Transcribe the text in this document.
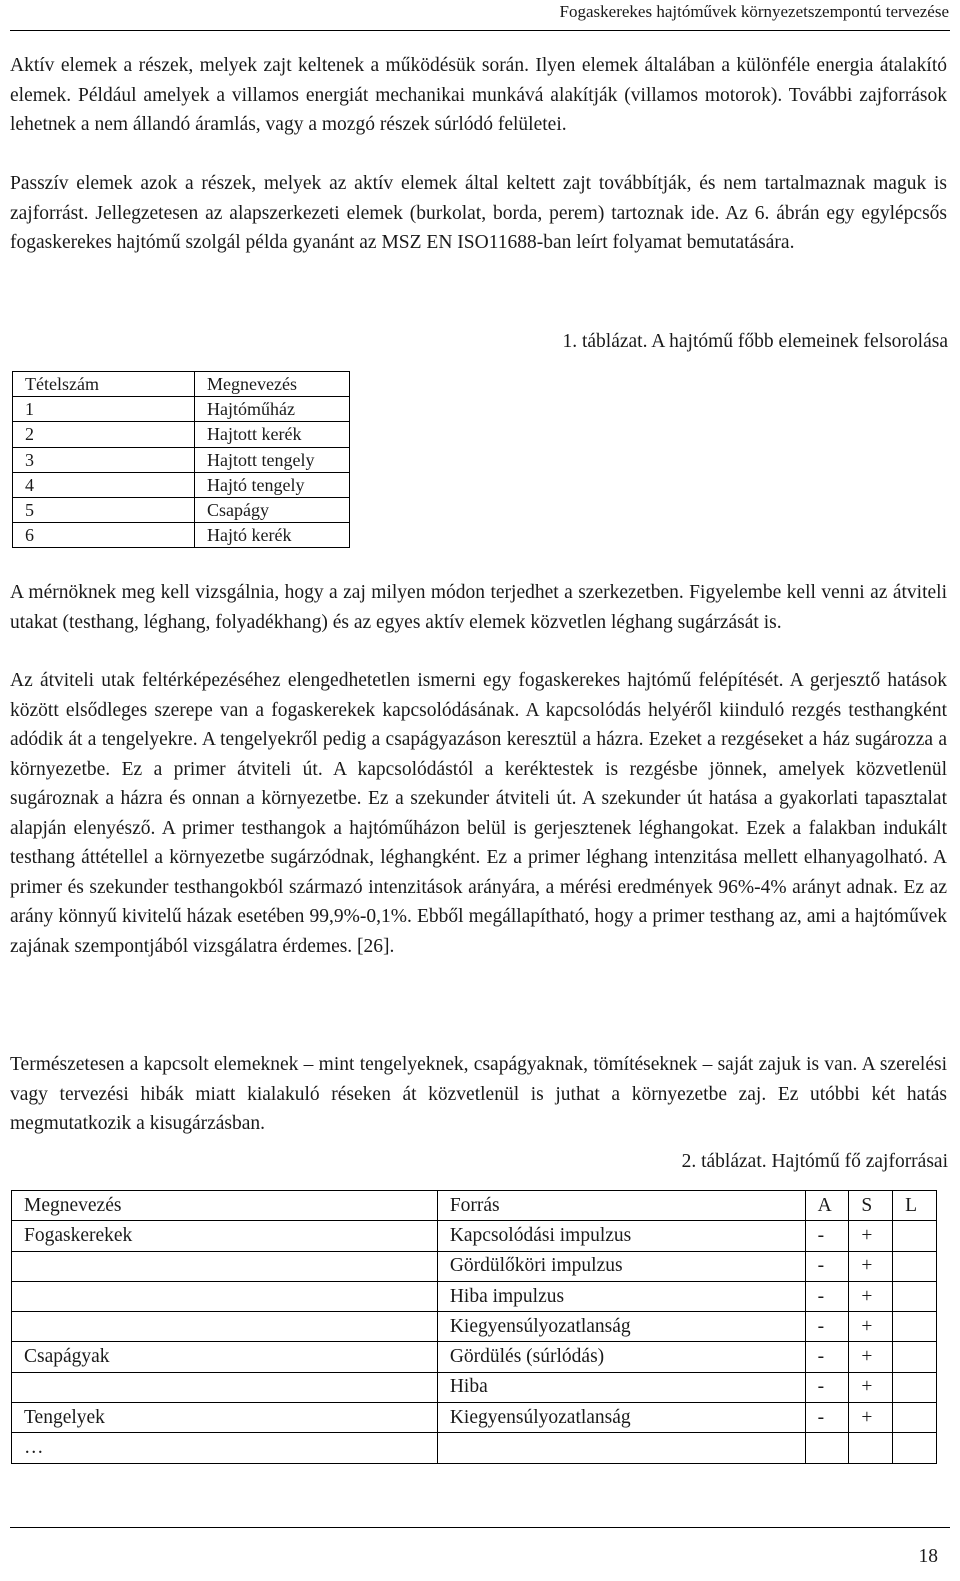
Fogaskerekes hajtóművek környezetszempontú tervezése

Aktív elemek a részek, melyek zajt keltenek a működésük során. Ilyen elemek általában a különféle energia átalakító elemek. Például amelyek a villamos energiát mechanikai munkává alakítják (villamos motorok). További zajforrások lehetnek a nem állandó áramlás, vagy a mozgó részek súrlódó felületei.

Passzív elemek azok a részek, melyek az aktív elemek által keltett zajt továbbítják, és nem tartalmaznak maguk is zajforrást. Jellegzetesen az alapszerkezeti elemek (burkolat, borda, perem) tartoznak ide. Az 6. ábrán egy egylépcsős fogaskerekes hajtómű szolgál példa gyanánt az MSZ EN ISO11688-ban leírt folyamat bemutatására.

1. táblázat. A hajtómű főbb elemeinek felsorolása

Tételszám	Megnevezés
1	Hajtóműház
2	Hajtott kerék
3	Hajtott tengely
4	Hajtó tengely
5	Csapágy
6	Hajtó kerék

A mérnöknek meg kell vizsgálnia, hogy a zaj milyen módon terjedhet a szerkezetben. Figyelembe kell venni az átviteli utakat (testhang, léghang, folyadékhang) és az egyes aktív elemek közvetlen léghang sugárzását is.

Az átviteli utak feltérképezéséhez elengedhetetlen ismerni egy fogaskerekes hajtómű felépítését. A gerjesztő hatások között elsődleges szerepe van a fogaskerekek kapcsolódásának. A kapcsolódás helyéről kiinduló rezgés testhangként adódik át a tengelyekre. A tengelyekről pedig a csapágyazáson keresztül a házra. Ezeket a rezgéseket a ház sugározza a környezetbe. Ez a primer átviteli út. A kapcsolódástól a keréktestek is rezgésbe jönnek, amelyek közvetlenül sugároznak a házra és onnan a környezetbe. Ez a szekunder átviteli út. A szekunder út hatása a gyakorlati tapasztalat alapján elenyésző. A primer testhangok a hajtóműházon belül is gerjesztenek léghangokat. Ezek a falakban indukált testhang áttétellel a környezetbe sugárzódnak, léghangként. Ez a primer léghang intenzitása mellett elhanyagolható. A primer és szekunder testhangokból származó intenzitások arányára, a mérési eredmények 96%-4% arányt adnak. Ez az arány könnyű kivitelű házak esetében 99,9%-0,1%. Ebből megállapítható, hogy a primer testhang az, ami a hajtóművek zajának szempontjából vizsgálatra érdemes. [26].

Természetesen a kapcsolt elemeknek – mint tengelyeknek, csapágyaknak, tömítéseknek – saját zajuk is van. A szerelési vagy tervezési hibák miatt kialakuló réseken át közvetlenül is juthat a környezetbe zaj. Ez utóbbi két hatás megmutatkozik a kisugárzásban.

2. táblázat. Hajtómű fő zajforrásai

Megnevezés	Forrás	A	S	L
Fogaskerekek	Kapcsolódási impulzus	-	+	
	Gördülőköri impulzus	-	+	
	Hiba impulzus	-	+	
	Kiegyensúlyozatlanság	-	+	
Csapágyak	Gördülés (súrlódás)	-	+	
	Hiba	-	+	
Tengelyek	Kiegyensúlyozatlanság	-	+	
…				
18
